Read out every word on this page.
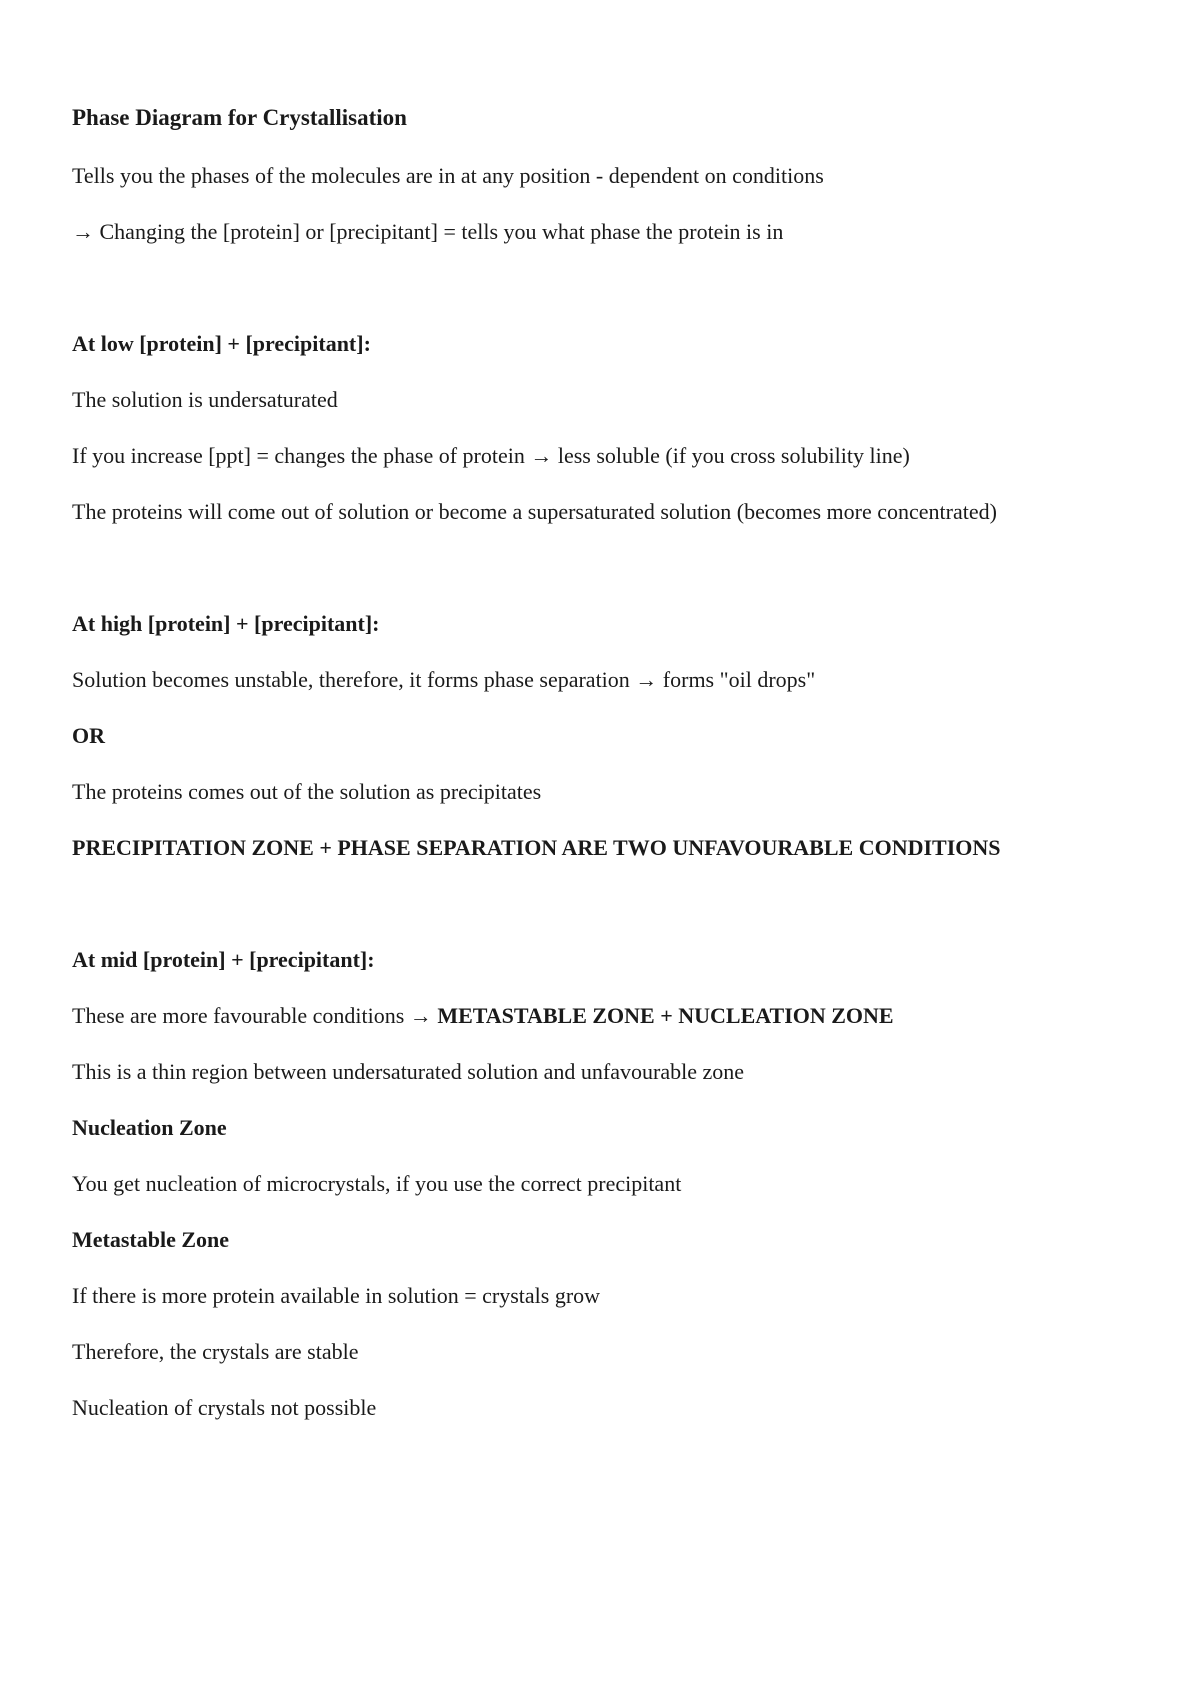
Phase Diagram for Crystallisation

Tells you the phases of the molecules are in at any position - dependent on conditions

→ Changing the [protein] or [precipitant] = tells you what phase the protein is in

At low [protein] + [precipitant]:

The solution is undersaturated

If you increase [ppt] = changes the phase of protein → less soluble (if you cross solubility line)

The proteins will come out of solution or become a supersaturated solution (becomes more concentrated)

At high [protein] + [precipitant]:

Solution becomes unstable, therefore, it forms phase separation → forms "oil drops"

OR

The proteins comes out of the solution as precipitates

PRECIPITATION ZONE + PHASE SEPARATION ARE TWO UNFAVOURABLE CONDITIONS

At mid [protein] + [precipitant]:

These are more favourable conditions → METASTABLE ZONE + NUCLEATION ZONE

This is a thin region between undersaturated solution and unfavourable zone

Nucleation Zone

You get nucleation of microcrystals, if you use the correct precipitant

Metastable Zone

If there is more protein available in solution = crystals grow

Therefore, the crystals are stable

Nucleation of crystals not possible
